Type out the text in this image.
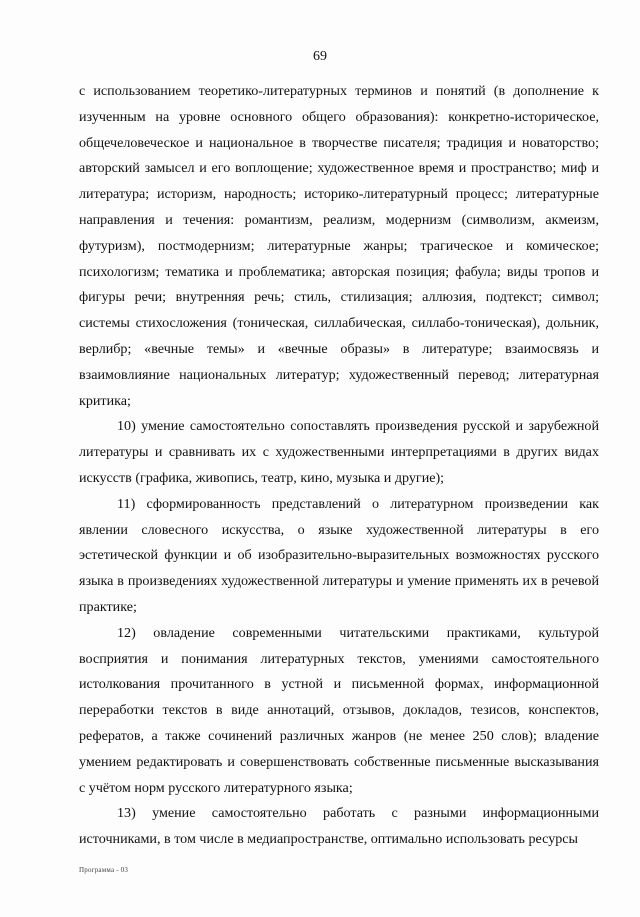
69

с использованием теоретико-литературных терминов и понятий (в дополнение к изученным на уровне основного общего образования): конкретно-историческое, общечеловеческое и национальное в творчестве писателя; традиция и новаторство; авторский замысел и его воплощение; художественное время и пространство; миф и литература; историзм, народность; историко-литературный процесс; литературные направления и течения: романтизм, реализм, модернизм (символизм, акмеизм, футуризм), постмодернизм; литературные жанры; трагическое и комическое; психологизм; тематика и проблематика; авторская позиция; фабула; виды тропов и фигуры речи; внутренняя речь; стиль, стилизация; аллюзия, подтекст; символ; системы стихосложения (тоническая, силлабическая, силлабо-тоническая), дольник, верлибр; «вечные темы» и «вечные образы» в литературе; взаимосвязь и взаимовлияние национальных литератур; художественный перевод; литературная критика;

10) умение самостоятельно сопоставлять произведения русской и зарубежной литературы и сравнивать их с художественными интерпретациями в других видах искусств (графика, живопись, театр, кино, музыка и другие);

11) сформированность представлений о литературном произведении как явлении словесного искусства, о языке художественной литературы в его эстетической функции и об изобразительно-выразительных возможностях русского языка в произведениях художественной литературы и умение применять их в речевой практике;

12) овладение современными читательскими практиками, культурой восприятия и понимания литературных текстов, умениями самостоятельного истолкования прочитанного в устной и письменной формах, информационной переработки текстов в виде аннотаций, отзывов, докладов, тезисов, конспектов, рефератов, а также сочинений различных жанров (не менее 250 слов); владение умением редактировать и совершенствовать собственные письменные высказывания с учётом норм русского литературного языка;

13) умение самостоятельно работать с разными информационными источниками, в том числе в медиапространстве, оптимально использовать ресурсы

Программа - 03
